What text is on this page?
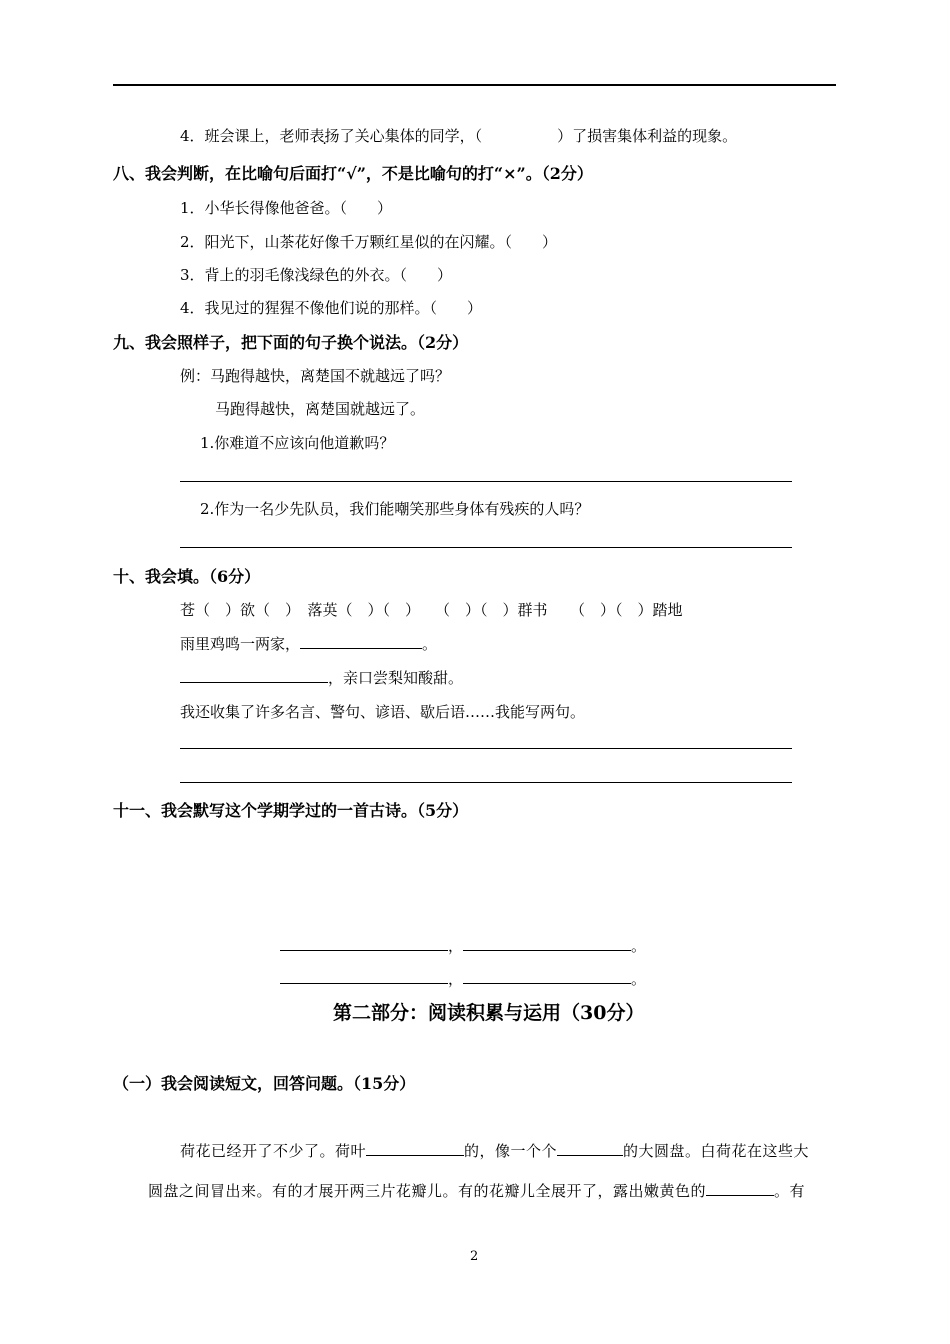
4．班会课上，老师表扬了关心集体的同学，（　　　　　）了损害集体利益的现象。
八、我会判断，在比喻句后面打“√”，不是比喻句的打“×”。（2分）
1．小华长得像他爸爸。（　　）
2．阳光下，山茶花好像千万颗红星似的在闪耀。（　　）
3．背上的羽毛像浅绿色的外衣。（　　）
4．我见过的猩猩不像他们说的那样。（　　）
九、我会照样子，把下面的句子换个说法。（2分）
例：马跑得越快，离楚国不就越远了吗？
马跑得越快，离楚国就越远了。
1.你难道不应该向他道歉吗？
2.作为一名少先队员，我们能嘲笑那些身体有残疾的人吗？
十、我会填。（6分）
苍（　）欲（　）　落英（　）（　）　　（　）（　）群书　　（　）（　）踏地
雨里鸡鸣一两家，	。
，亲口尝梨知酸甜。
我还收集了许多名言、警句、谚语、歇后语……我能写两句。
十一、我会默写这个学期学过的一首古诗。（5分）
，	。
，	。
第二部分：阅读积累与运用（30分）
（一）我会阅读短文，回答问题。（15分）
荷花已经开了不少了。荷叶	的，像一个个	的大圆盘。白荷花在这些大
圆盘之间冒出来。有的才展开两三片花瓣儿。有的花瓣儿全展开了，露出嫩黄色的	。有
2
